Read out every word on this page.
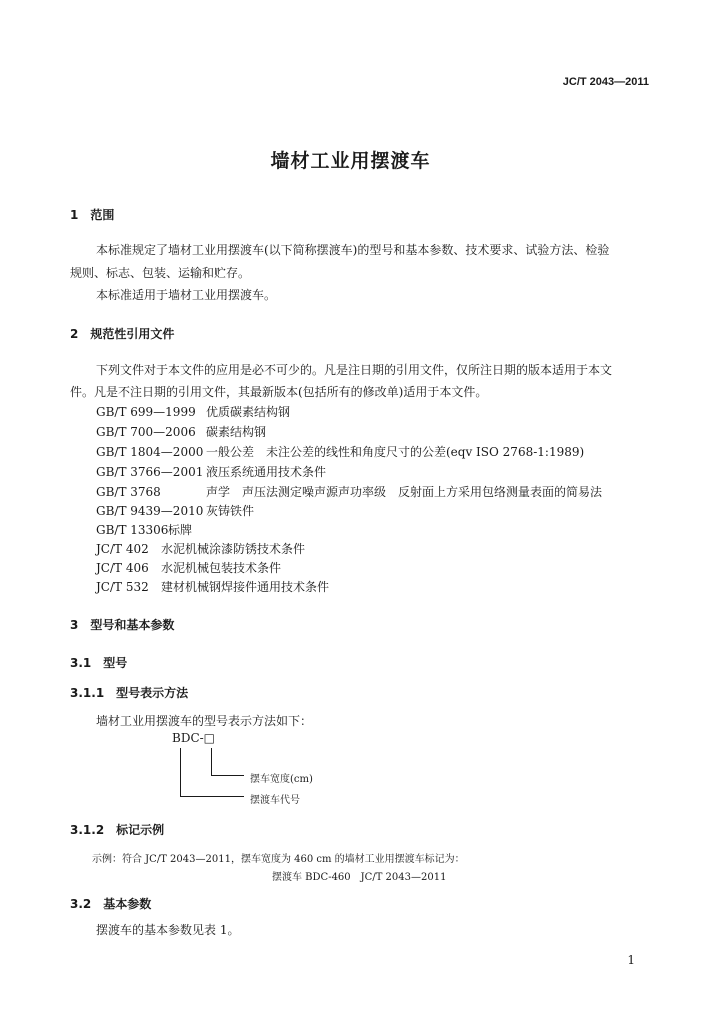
JC/T 2043—2011
墙材工业用摆渡车
1　范围
本标准规定了墙材工业用摆渡车(以下简称摆渡车)的型号和基本参数、技术要求、试验方法、检验
规则、标志、包装、运输和贮存。
本标准适用于墙材工业用摆渡车。
2　规范性引用文件
下列文件对于本文件的应用是必不可少的。凡是注日期的引用文件，仅所注日期的版本适用于本文
件。凡是不注日期的引用文件，其最新版本(包括所有的修改单)适用于本文件。
GB/T 699—1999 优质碳素结构钢
GB/T 700—2006 碳素结构钢
GB/T 1804—2000 一般公差　未注公差的线性和角度尺寸的公差(eqv ISO 2768-1:1989)
GB/T 3766—2001 液压系统通用技术条件
GB/T 3768	声学　声压法测定噪声源声功率级　反射面上方采用包络测量表面的简易法
GB/T 9439—2010 灰铸铁件
GB/T 13306标牌
JC/T 402 水泥机械涂漆防锈技术条件
JC/T 406 水泥机械包装技术条件
JC/T 532 建材机械钢焊接件通用技术条件
3　型号和基本参数
3.1　型号
3.1.1　型号表示方法
墙材工业用摆渡车的型号表示方法如下：
BDC-□
摆车宽度(cm)
摆渡车代号
3.1.2　标记示例
示例：符合 JC/T 2043—2011，摆车宽度为 460 cm 的墙材工业用摆渡车标记为：
摆渡车 BDC-460　JC/T 2043—2011
3.2　基本参数
摆渡车的基本参数见表 1。
1
